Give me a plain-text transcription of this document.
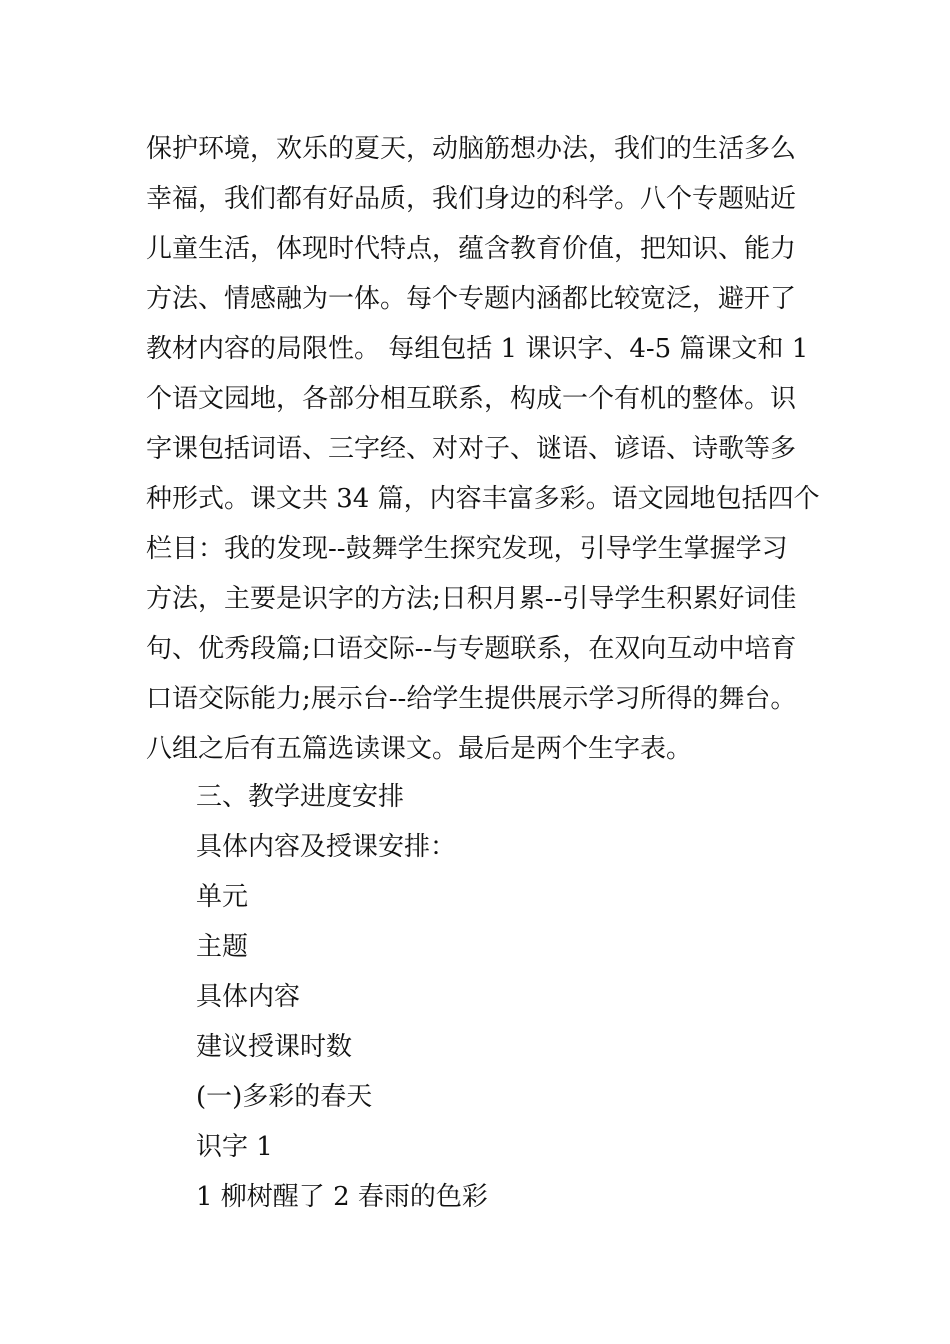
保护环境，欢乐的夏天，动脑筋想办法，我们的生活多么
幸福，我们都有好品质，我们身边的科学。八个专题贴近
儿童生活，体现时代特点，蕴含教育价值，把知识、能力
方法、情感融为一体。每个专题内涵都比较宽泛，避开了
教材内容的局限性。 每组包括 1 课识字、4-5 篇课文和 1
个语文园地，各部分相互联系，构成一个有机的整体。识
字课包括词语、三字经、对对子、谜语、谚语、诗歌等多
种形式。课文共 34 篇，内容丰富多彩。语文园地包括四个
栏目：我的发现--鼓舞学生探究发现，引导学生掌握学习
方法，主要是识字的方法;日积月累--引导学生积累好词佳
句、优秀段篇;口语交际--与专题联系，在双向互动中培育
口语交际能力;展示台--给学生提供展示学习所得的舞台。
八组之后有五篇选读课文。最后是两个生字表。
三、教学进度安排
具体内容及授课安排：
单元
主题
具体内容
建议授课时数
(一)多彩的春天
识字 1
1 柳树醒了 2 春雨的色彩
